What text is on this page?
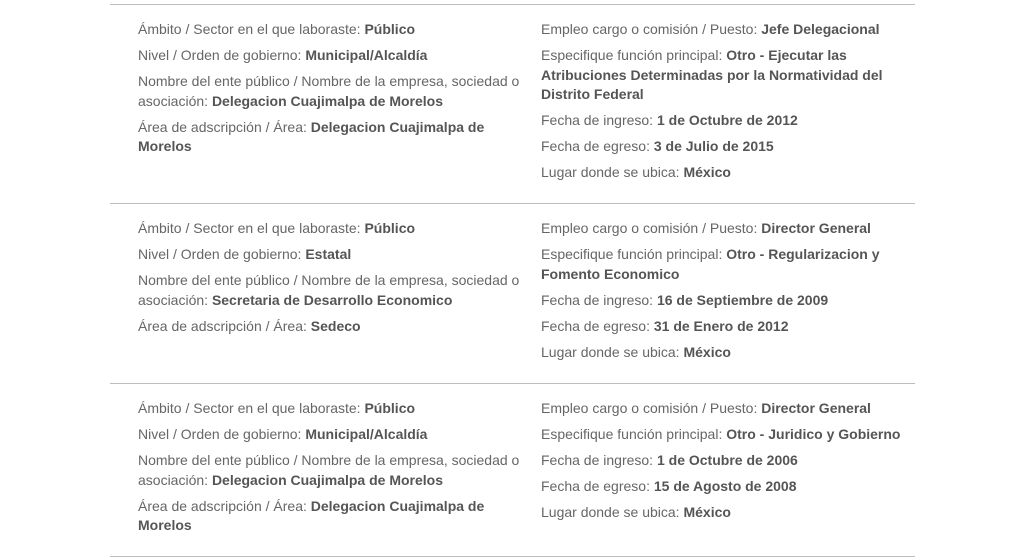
Ámbito / Sector en el que laboraste: Público
Nivel / Orden de gobierno: Municipal/Alcaldía
Nombre del ente público / Nombre de la empresa, sociedad o asociación: Delegacion Cuajimalpa de Morelos
Área de adscripción / Área: Delegacion Cuajimalpa de Morelos
Empleo cargo o comisión / Puesto: Jefe Delegacional
Especifique función principal: Otro - Ejecutar las Atribuciones Determinadas por la Normatividad del Distrito Federal
Fecha de ingreso: 1 de Octubre de 2012
Fecha de egreso: 3 de Julio de 2015
Lugar donde se ubica: México
Ámbito / Sector en el que laboraste: Público
Nivel / Orden de gobierno: Estatal
Nombre del ente público / Nombre de la empresa, sociedad o asociación: Secretaria de Desarrollo Economico
Área de adscripción / Área: Sedeco
Empleo cargo o comisión / Puesto: Director General
Especifique función principal: Otro - Regularizacion y Fomento Economico
Fecha de ingreso: 16 de Septiembre de 2009
Fecha de egreso: 31 de Enero de 2012
Lugar donde se ubica: México
Ámbito / Sector en el que laboraste: Público
Nivel / Orden de gobierno: Municipal/Alcaldía
Nombre del ente público / Nombre de la empresa, sociedad o asociación: Delegacion Cuajimalpa de Morelos
Área de adscripción / Área: Delegacion Cuajimalpa de Morelos
Empleo cargo o comisión / Puesto: Director General
Especifique función principal: Otro - Juridico y Gobierno
Fecha de ingreso: 1 de Octubre de 2006
Fecha de egreso: 15 de Agosto de 2008
Lugar donde se ubica: México
